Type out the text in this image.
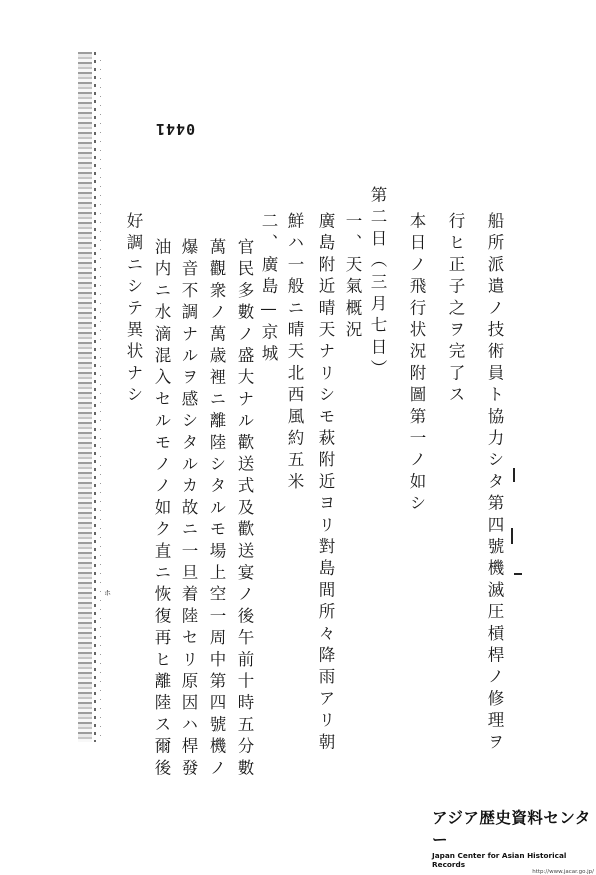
0441
船所派遣ノ技術員ト協力シタ第四號機滅圧槓桿ノ修理ヲ
行ヒ正子之ヲ完了ス
本日ノ飛行状況附圖第一ノ如シ
第二日（三月七日）
一、天氣概況
廣島附近晴天ナリシモ萩附近ヨリ對島間所々降雨アリ朝
鮮ハ一般ニ晴天北西風約五米
二、廣島—京城
官民多數ノ盛大ナル歡送式及歡送宴ノ後午前十時五分數
萬觀衆ノ萬歳裡ニ離陸シタルモ場上空一周中第四號機ノ
爆音不調ナルヲ感シタルカ故ニ一旦着陸セリ原因ハ桿發
油内ニ水滴混入セルモノノ如ク直ニ恢復再ヒ離陸ス爾後
好調ニシテ異状ナシ
ㇹ
アジア歴史資料センター
Japan Center for Asian Historical Records
http://www.jacar.go.jp/
